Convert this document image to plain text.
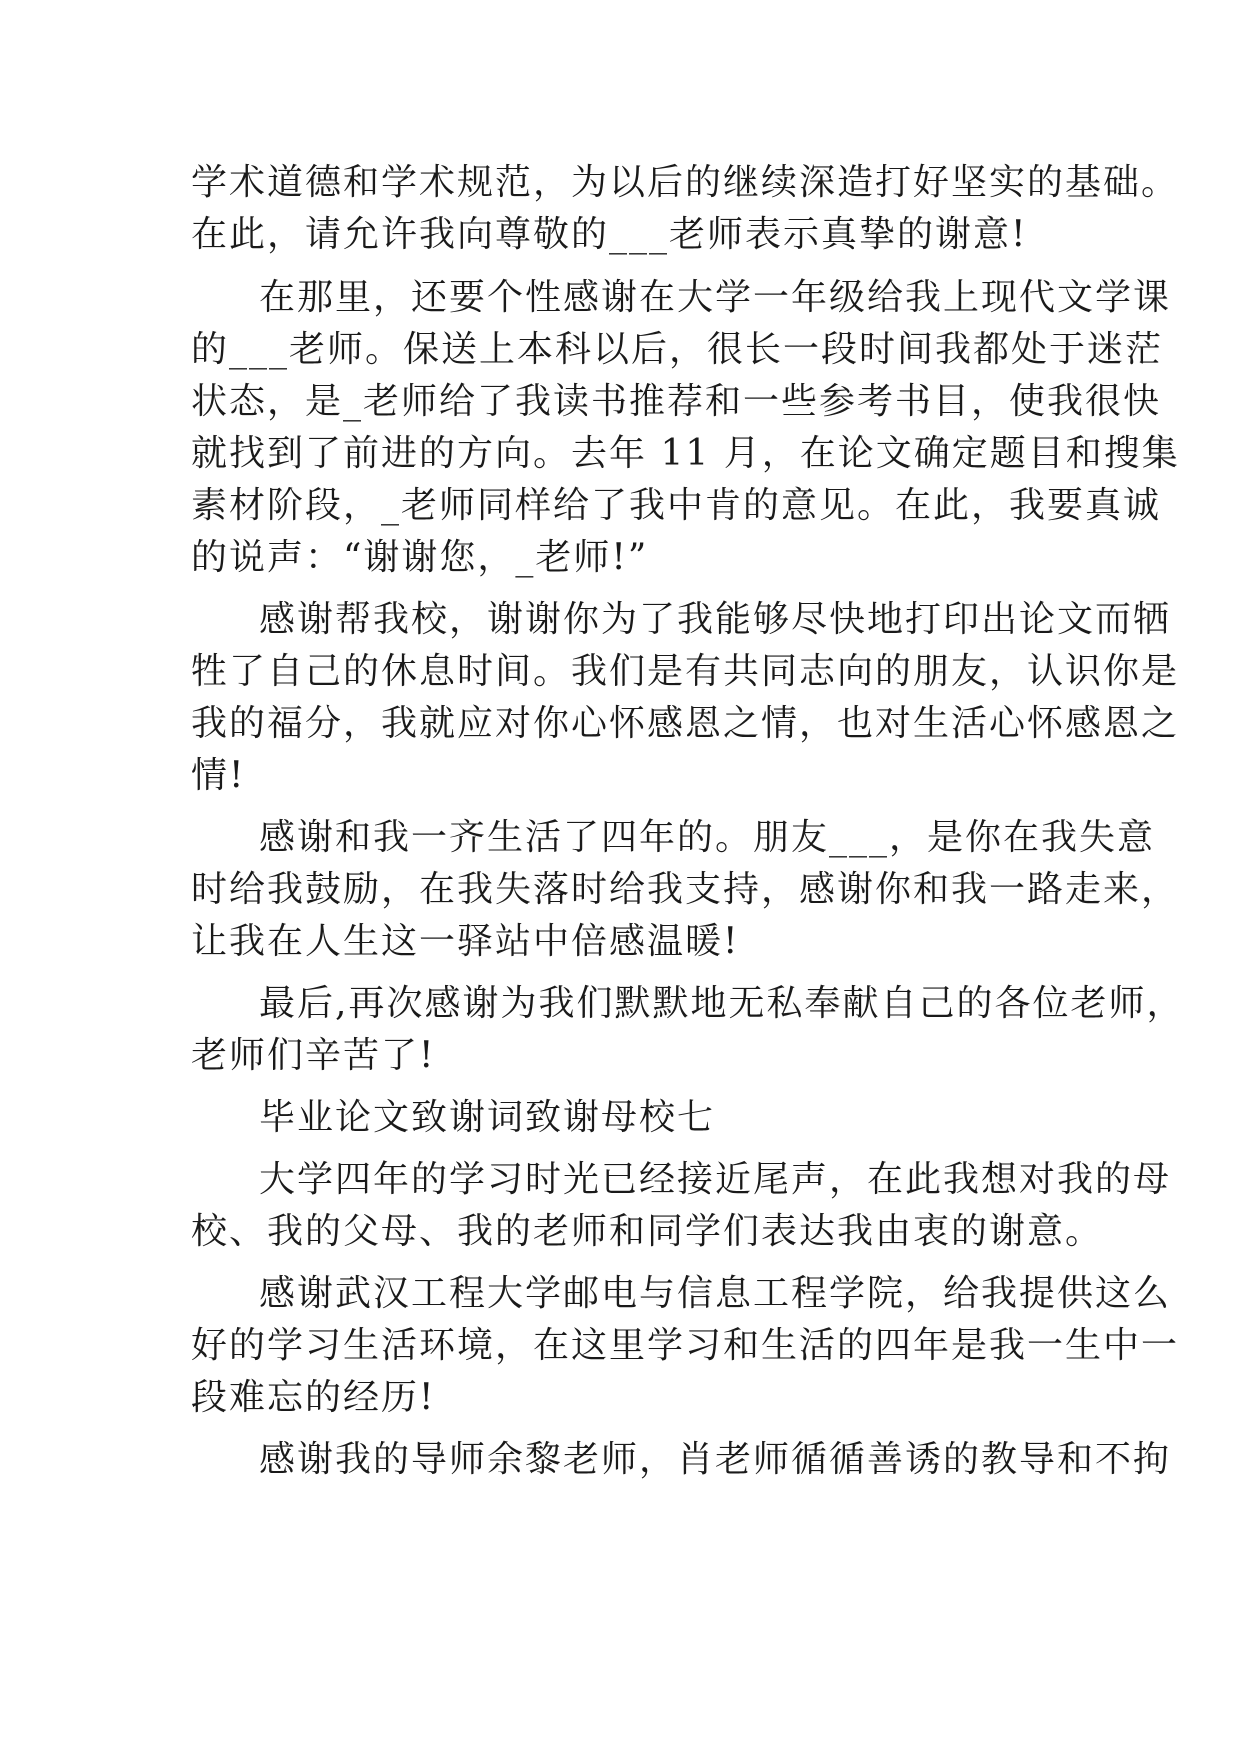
学术道德和学术规范，为以后的继续深造打好坚实的基础。
在此，请允许我向尊敬的___老师表示真挚的谢意!
在那里，还要个性感谢在大学一年级给我上现代文学课
的___老师。保送上本科以后，很长一段时间我都处于迷茫
状态，是_老师给了我读书推荐和一些参考书目，使我很快
就找到了前进的方向。去年 11 月，在论文确定题目和搜集
素材阶段，_老师同样给了我中肯的意见。在此，我要真诚
的说声：“谢谢您，_老师!”
感谢帮我校，谢谢你为了我能够尽快地打印出论文而牺
牲了自己的休息时间。我们是有共同志向的朋友，认识你是
我的福分，我就应对你心怀感恩之情，也对生活心怀感恩之
情!
感谢和我一齐生活了四年的。朋友___，是你在我失意
时给我鼓励，在我失落时给我支持，感谢你和我一路走来，
让我在人生这一驿站中倍感温暖!
最后,再次感谢为我们默默地无私奉献自己的各位老师，
老师们辛苦了!
毕业论文致谢词致谢母校七
大学四年的学习时光已经接近尾声，在此我想对我的母
校、我的父母、我的老师和同学们表达我由衷的谢意。
感谢武汉工程大学邮电与信息工程学院，给我提供这么
好的学习生活环境，在这里学习和生活的四年是我一生中一
段难忘的经历!
感谢我的导师余黎老师，肖老师循循善诱的教导和不拘
